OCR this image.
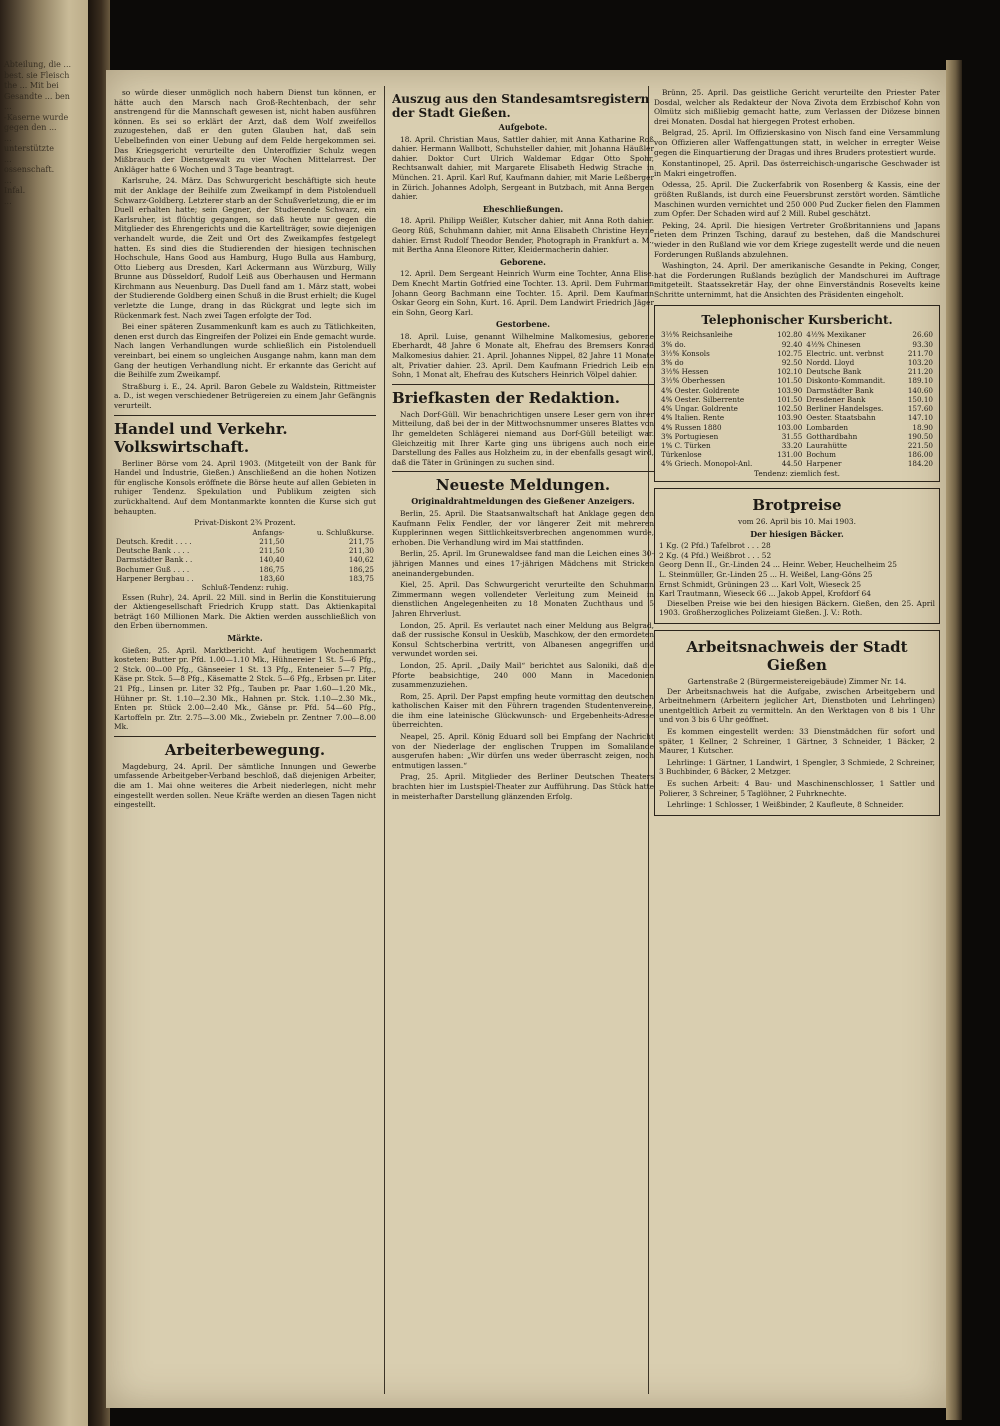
Abteilung, die ...
best. sie Fleisch
the ... Mit bei
Gesandte ... ben
...
-Kaserne wurde
gegen den ...
...
unterstützte
...
ossenschaft.
...
Infal.
...

so würde dieser unmöglich noch habern Dienst tun können, er hätte auch den Marsch nach Groß-Rechtenbach, der sehr anstrengend für die Mannschaft gewesen ist, nicht haben ausführen können. Es sei so erklärt der Arzt, daß dem Wolf zweifellos zuzugestehen, daß er den guten Glauben hat, daß sein Uebelbefinden von einer Uebung auf dem Felde hergekommen sei. Das Kriegsgericht verurteilte den Unteroffizier Schulz wegen Mißbrauch der Dienstgewalt zu vier Wochen Mittelarrest. Der Ankläger hatte 6 Wochen und 3 Tage beantragt.

Karlsruhe, 24. März. Das Schwurgericht beschäftigte sich heute mit der Anklage der Beihilfe zum Zweikampf in dem Pistolenduell Schwarz-Goldberg. Letzterer starb an der Schußverletzung, die er im Duell erhalten hatte; sein Gegner, der Studierende Schwarz, ein Karlsruher, ist flüchtig gegangen, so daß heute nur gegen die Mitglieder des Ehrengerichts und die Kartellträger, sowie diejenigen verhandelt wurde, die Zeit und Ort des Zweikampfes festgelegt hatten. Es sind dies die Studierenden der hiesigen technischen Hochschule, Hans Good aus Hamburg, Hugo Bulla aus Hamburg, Otto Lieberg aus Dresden, Karl Ackermann aus Würzburg, Willy Brunne aus Düsseldorf, Rudolf Leiß aus Oberhausen und Hermann Kirchmann aus Neuenburg. Das Duell fand am 1. März statt, wobei der Studierende Goldberg einen Schuß in die Brust erhielt; die Kugel verletzte die Lunge, drang in das Rückgrat und legte sich im Rückenmark fest. Nach zwei Tagen erfolgte der Tod.

Bei einer späteren Zusammenkunft kam es auch zu Tätlichkeiten, denen erst durch das Eingreifen der Polizei ein Ende gemacht wurde. Nach langen Verhandlungen wurde schließlich ein Pistolenduell vereinbart, bei einem so ungleichen Ausgange nahm, kann man dem Gang der heutigen Verhandlung nicht. Er erkannte das Gericht auf die Beihilfe zum Zweikampf.

Straßburg i. E., 24. April. Baron Gebele zu Waldstein, Rittmeister a. D., ist wegen verschiedener Betrügereien zu einem Jahr Gefängnis verurteilt.

Handel und Verkehr. Volkswirtschaft.

Berliner Börse vom 24. April 1903. (Mitgeteilt von der Bank für Handel und Industrie, Gießen.) Anschließend an die hohen Notizen für englische Konsols eröffnete die Börse heute auf allen Gebieten in ruhiger Tendenz. Spekulation und Publikum zeigten sich zurückhaltend. Auf dem Montanmarkte konnten die Kurse sich gut behaupten.

Privat-Diskont 2¾ Prozent.
	Anfangs-	u. Schlußkurse.
Deutsch. Kredit . . . .	211,50	211,75
Deutsche Bank . . . .	211,50	211,30
Darmstädter Bank . .	140,40	140,62
Bochumer Guß . . . .	186,75	186,25
Harpener Bergbau . .	183,60	183,75
Schluß-Tendenz: ruhig.

Essen (Ruhr), 24. April. 22 Mill. sind in Berlin die Konstituierung der Aktiengesellschaft Friedrich Krupp statt. Das Aktienkapital beträgt 160 Millionen Mark. Die Aktien werden ausschließlich von den Erben übernommen.

Märkte.

Gießen, 25. April. Marktbericht. Auf heutigem Wochenmarkt kosteten: Butter pr. Pfd. 1.00—1.10 Mk., Hühnereier 1 St. 5—6 Pfg., 2 Stck. 00—00 Pfg., Gänseeier 1 St. 13 Pfg., Enteneier 5—7 Pfg., Käse pr. Stck. 5—8 Pfg., Käsematte 2 Stck. 5—6 Pfg., Erbsen pr. Liter 21 Pfg., Linsen pr. Liter 32 Pfg., Tauben pr. Paar 1.60—1.20 Mk., Hühner pr. St. 1.10—2.30 Mk., Hahnen pr. Stck. 1.10—2.30 Mk., Enten pr. Stück 2.00—2.40 Mk., Gänse pr. Pfd. 54—60 Pfg., Kartoffeln pr. Ztr. 2.75—3.00 Mk., Zwiebeln pr. Zentner 7.00—8.00 Mk.

Arbeiterbewegung.

Magdeburg, 24. April. Der sämtliche Innungen und Gewerbe umfassende Arbeitgeber-Verband beschloß, daß diejenigen Arbeiter, die am 1. Mai ohne weiteres die Arbeit niederlegen, nicht mehr eingestellt werden sollen. Neue Kräfte werden an diesen Tagen nicht eingestellt.

Auszug aus den Standesamtsregistern der Stadt Gießen.
Aufgebote.

18. April. Christian Maus, Sattler dahier, mit Anna Katharine Roß dahier. Hermann Wallbott, Schuhsteller dahier, mit Johanna Häußler dahier. Doktor Curt Ulrich Waldemar Edgar Otto Spohr, Rechtsanwalt dahier, mit Margarete Elisabeth Hedwig Strache in München. 21. April. Karl Ruf, Kaufmann dahier, mit Marie Leßberger in Zürich. Johannes Adolph, Sergeant in Butzbach, mit Anna Bergen dahier.

Eheschließungen.

18. April. Philipp Weißler, Kutscher dahier, mit Anna Roth dahier. Georg Rüß, Schuhmann dahier, mit Anna Elisabeth Christine Heyne dahier. Ernst Rudolf Theodor Bender, Photograph in Frankfurt a. M., mit Bertha Anna Eleonore Ritter, Kleidermacherin dahier.

Geborene.

12. April. Dem Sergeant Heinrich Wurm eine Tochter, Anna Elise. Dem Knecht Martin Gotfried eine Tochter. 13. April. Dem Fuhrmann Johann Georg Bachmann eine Tochter. 15. April. Dem Kaufmann Oskar Georg ein Sohn, Kurt. 16. April. Dem Landwirt Friedrich Jäger ein Sohn, Georg Karl.

Gestorbene.

18. April. Luise, genannt Wilhelmine Malkomesius, geborene Eberhardt, 48 Jahre 6 Monate alt, Ehefrau des Bremsers Konrad Malkomesius dahier. 21. April. Johannes Nippel, 82 Jahre 11 Monate alt, Privatier dahier. 23. April. Dem Kaufmann Friedrich Leib ein Sohn, 1 Monat alt, Ehefrau des Kutschers Heinrich Völpel dahier.

Briefkasten der Redaktion.

Nach Dorf-Güll. Wir benachrichtigen unsere Leser gern von ihrer Mitteilung, daß bei der in der Mittwochsnummer unseres Blattes von Ihr gemeldeten Schlägerei niemand aus Dorf-Güll beteiligt war. Gleichzeitig mit Ihrer Karte ging uns übrigens auch noch eine Darstellung des Falles aus Holzheim zu, in der ebenfalls gesagt wird, daß die Täter in Grüningen zu suchen sind.

Neueste Meldungen.
Originaldrahtmeldungen des Gießener Anzeigers.

Berlin, 25. April. Die Staatsanwaltschaft hat Anklage gegen den Kaufmann Felix Fendler, der vor längerer Zeit mit mehreren Kupplerinnen wegen Sittlichkeitsverbrechen angenommen wurde, erhoben. Die Verhandlung wird im Mai stattfinden.

Berlin, 25. April. Im Grunewaldsee fand man die Leichen eines 30-jährigen Mannes und eines 17-jährigen Mädchens mit Stricken aneinandergebunden.

Kiel, 25. April. Das Schwurgericht verurteilte den Schuhmann Zimmermann wegen vollendeter Verleitung zum Meineid in dienstlichen Angelegenheiten zu 18 Monaten Zuchthaus und 5 Jahren Ehrverlust.

London, 25. April. Es verlautet nach einer Meldung aus Belgrad, daß der russische Konsul in Uesküb, Maschkow, der den ermordeten Konsul Schtscherbina vertritt, von Albanesen angegriffen und verwundet worden sei.

London, 25. April. „Daily Mail“ berichtet aus Saloniki, daß die Pforte beabsichtige, 240 000 Mann in Macedonien zusammenzuziehen.

Rom, 25. April. Der Papst empfing heute vormittag den deutschen katholischen Kaiser mit den Führern tragenden Studentenvereine, die ihm eine lateinische Glückwunsch- und Ergebenheits-Adresse überreichten.

Neapel, 25. April. König Eduard soll bei Empfang der Nachricht von der Niederlage der englischen Truppen im Somalilande ausgerufen haben: „Wir dürfen uns weder überrascht zeigen, noch entmutigen lassen.“

Prag, 25. April. Mitglieder des Berliner Deutschen Theaters brachten hier im Lustspiel-Theater zur Aufführung. Das Stück hatte in meisterhafter Darstellung glänzenden Erfolg.

Brünn, 25. April. Das geistliche Gericht verurteilte den Priester Pater Dosdal, welcher als Redakteur der Nova Zivota dem Erzbischof Kohn von Olmütz sich mißliebig gemacht hatte, zum Verlassen der Diözese binnen drei Monaten. Dosdal hat hiergegen Protest erhoben.

Belgrad, 25. April. Im Offizierskasino von Nisch fand eine Versammlung von Offizieren aller Waffengattungen statt, in welcher in erregter Weise gegen die Einquartierung der Dragas und ihres Bruders protestiert wurde.

Konstantinopel, 25. April. Das österreichisch-ungarische Geschwader ist in Makri eingetroffen.

Odessa, 25. April. Die Zuckerfabrik von Rosenberg & Kassis, eine der größten Rußlands, ist durch eine Feuersbrunst zerstört worden. Sämtliche Maschinen wurden vernichtet und 250 000 Pud Zucker fielen den Flammen zum Opfer. Der Schaden wird auf 2 Mill. Rubel geschätzt.

Peking, 24. April. Die hiesigen Vertreter Großbritanniens und Japans rieten dem Prinzen Tsching, darauf zu bestehen, daß die Mandschurei wieder in den Rußland wie vor dem Kriege zugestellt werde und die neuen Forderungen Rußlands abzulehnen.

Washington, 24. April. Der amerikanische Gesandte in Peking, Conger, hat die Forderungen Rußlands bezüglich der Mandschurei im Auftrage mitgeteilt. Staatssekretär Hay, der ohne Einverständnis Rosevelts keine Schritte unternimmt, hat die Ansichten des Präsidenten eingeholt.

Telephonischer Kursbericht.
3½% Reichsanleihe	102.80	4½% Mexikaner	26.60
3% do.	92.40	4½% Chinesen	93.30
3½% Konsols	102.75	Electric. unt. verbnst	211.70
3% do	92.50	Nordd. Lloyd	103.20
3½% Hessen	102.10	Deutsche Bank	211.20
3½% Oberhessen	101.50	Diskonto-Kommandit.	189.10
4% Oester. Goldrente	103.90	Darmstädter Bank	140.60
4% Oester. Silberrente	101.50	Dresdener Bank	150.10
4% Ungar. Goldrente	102.50	Berliner Handelsges.	157.60
4% Italien. Rente	103.90	Oester. Staatsbahn	147.10
4% Russen 1880	103.00	Lombarden	18.90
3% Portugiesen	31.55	Gotthardbahn	190.50
1% C. Türken	33.20	Laurahütte	221.50
Türkenlose	131.00	Bochum	186.00
4% Griech. Monopol-Anl.	44.50	Harpener	184.20
Tendenz: ziemlich fest.
Brotpreise
vom 26. April bis 10. Mai 1903.
Der hiesigen Bäcker.
1 Kg. (2 Pfd.) Tafelbrot . . . 28
2 Kg. (4 Pfd.) Weißbrot . . . 52
Georg Denn II., Gr.-Linden 24 ... Heinr. Weber, Heuchelheim 25
L. Steinmüller, Gr.-Linden 25 ... H. Weißel, Lang-Göns 25
Ernst Schmidt, Grüningen 23 ... Karl Volt, Wieseck 25
Karl Trautmann, Wieseck 66 ... Jakob Appel, Krofdorf 64

Dieselben Preise wie bei den hiesigen Bäckern. Gießen, den 25. April 1903. Großherzogliches Polizeiamt Gießen. J. V.: Roth.

Arbeitsnachweis der Stadt Gießen
Gartenstraße 2 (Bürgermeistereigebäude) Zimmer Nr. 14.

Der Arbeitsnachweis hat die Aufgabe, zwischen Arbeitgebern und Arbeitnehmern (Arbeitern jeglicher Art, Dienstboten und Lehrlingen) unentgeltlich Arbeit zu vermitteln. An den Werktagen von 8 bis 1 Uhr und von 3 bis 6 Uhr geöffnet.

Es kommen eingestellt werden: 33 Dienstmädchen für sofort und später, 1 Kellner, 2 Schreiner, 1 Gärtner, 3 Schneider, 1 Bäcker, 2 Maurer, 1 Kutscher.

Lehrlinge: 1 Gärtner, 1 Landwirt, 1 Spengler, 3 Schmiede, 2 Schreiner, 3 Buchbinder, 6 Bäcker, 2 Metzger.

Es suchen Arbeit: 4 Bau- und Maschinenschlosser, 1 Sattler und Polierer, 3 Schreiner, 5 Taglöhner, 2 Fuhrknechte.

Lehrlinge: 1 Schlosser, 1 Weißbinder, 2 Kaufleute, 8 Schneider.
